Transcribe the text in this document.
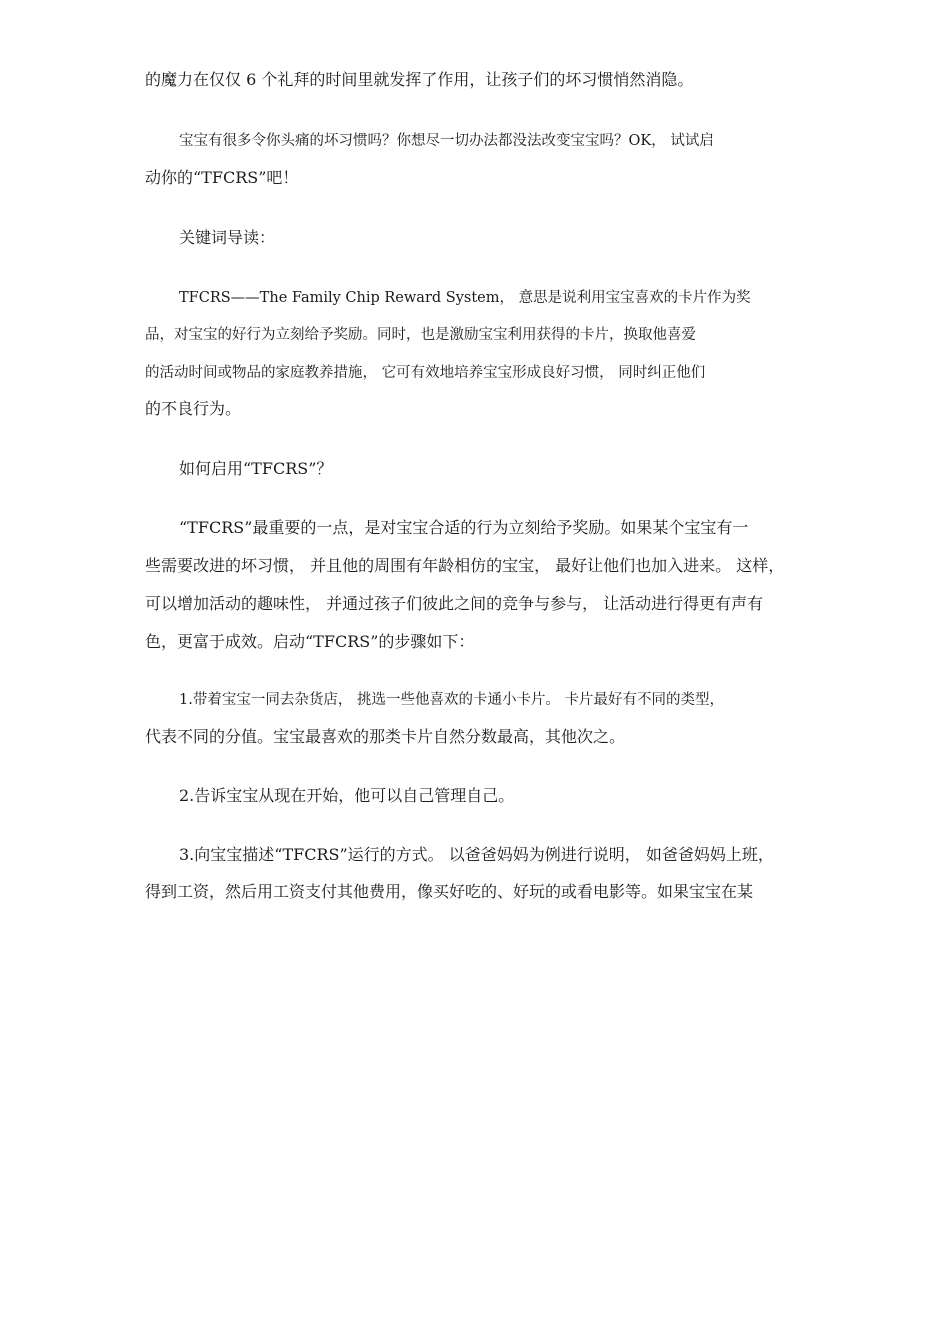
的魔力在仅仅 6 个礼拜的时间里就发挥了作用，让孩子们的坏习惯悄然消隐。
宝宝有很多令你头痛的坏习惯吗？你想尽一切办法都没法改变宝宝吗？OK， 试试启
动你的“TFCRS”吧！
关键词导读：
TFCRS——The Family Chip Reward System， 意思是说利用宝宝喜欢的卡片作为奖
品，对宝宝的好行为立刻给予奖励。同时，也是激励宝宝利用获得的卡片，换取他喜爱
的活动时间或物品的家庭教养措施， 它可有效地培养宝宝形成良好习惯， 同时纠正他们
的不良行为。
如何启用“TFCRS”？
“TFCRS”最重要的一点，是对宝宝合适的行为立刻给予奖励。如果某个宝宝有一
些需要改进的坏习惯， 并且他的周围有年龄相仿的宝宝， 最好让他们也加入进来。 这样，
可以增加活动的趣味性， 并通过孩子们彼此之间的竞争与参与， 让活动进行得更有声有
色，更富于成效。启动“TFCRS”的步骤如下：
1.带着宝宝一同去杂货店， 挑选一些他喜欢的卡通小卡片。 卡片最好有不同的类型，
代表不同的分值。宝宝最喜欢的那类卡片自然分数最高，其他次之。
2.告诉宝宝从现在开始，他可以自己管理自己。
3.向宝宝描述“TFCRS”运行的方式。 以爸爸妈妈为例进行说明， 如爸爸妈妈上班，
得到工资，然后用工资支付其他费用，像买好吃的、好玩的或看电影等。如果宝宝在某
